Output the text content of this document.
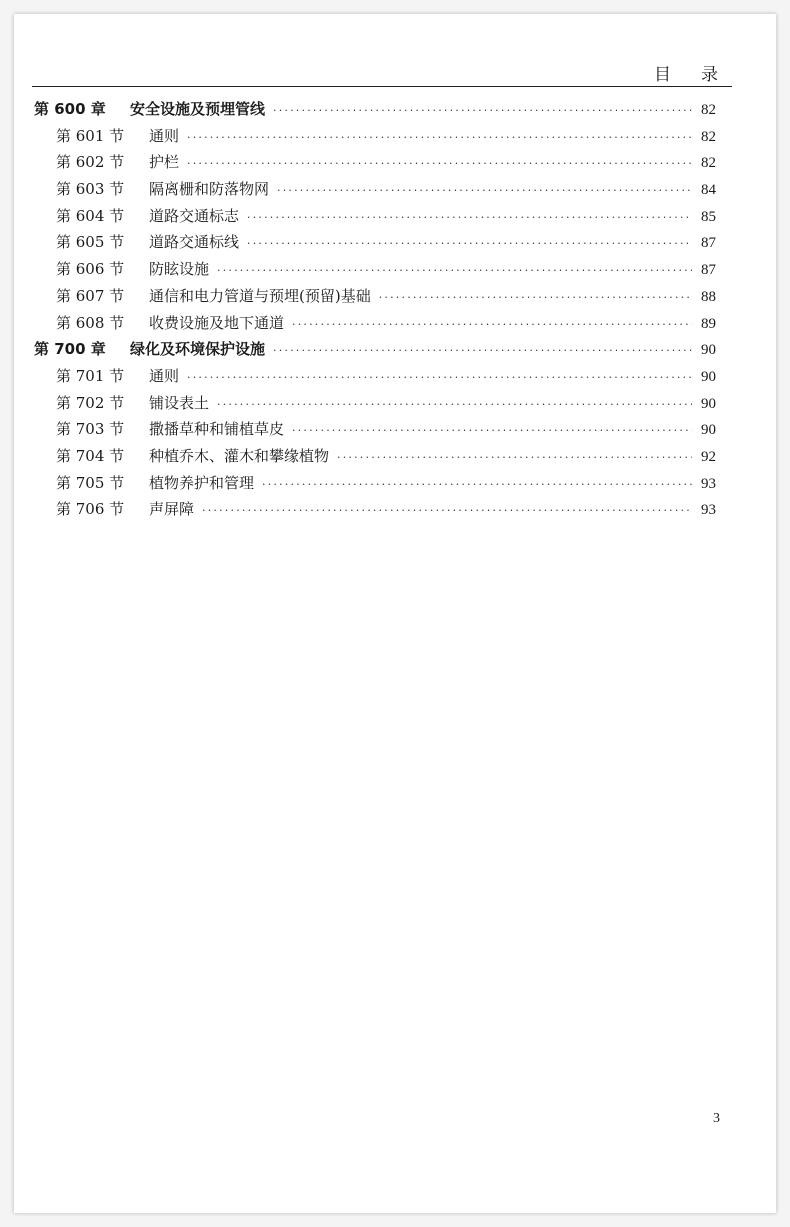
目录
第 600 章	安全设施及预埋管线 ·····	82
第 601 节	通则 ·····	82
第 602 节	护栏 ·····	82
第 603 节	隔离栅和防落物网 ·····	84
第 604 节	道路交通标志 ·····	85
第 605 节	道路交通标线 ·····	87
第 606 节	防眩设施 ·····	87
第 607 节	通信和电力管道与预埋(预留)基础 ·····	88
第 608 节	收费设施及地下通道 ·····	89
第 700 章	绿化及环境保护设施 ·····	90
第 701 节	通则 ·····	90
第 702 节	铺设表土 ·····	90
第 703 节	撒播草种和铺植草皮 ·····	90
第 704 节	种植乔木、灌木和攀缘植物 ·····	92
第 705 节	植物养护和管理 ·····	93
第 706 节	声屏障 ·····	93
3
